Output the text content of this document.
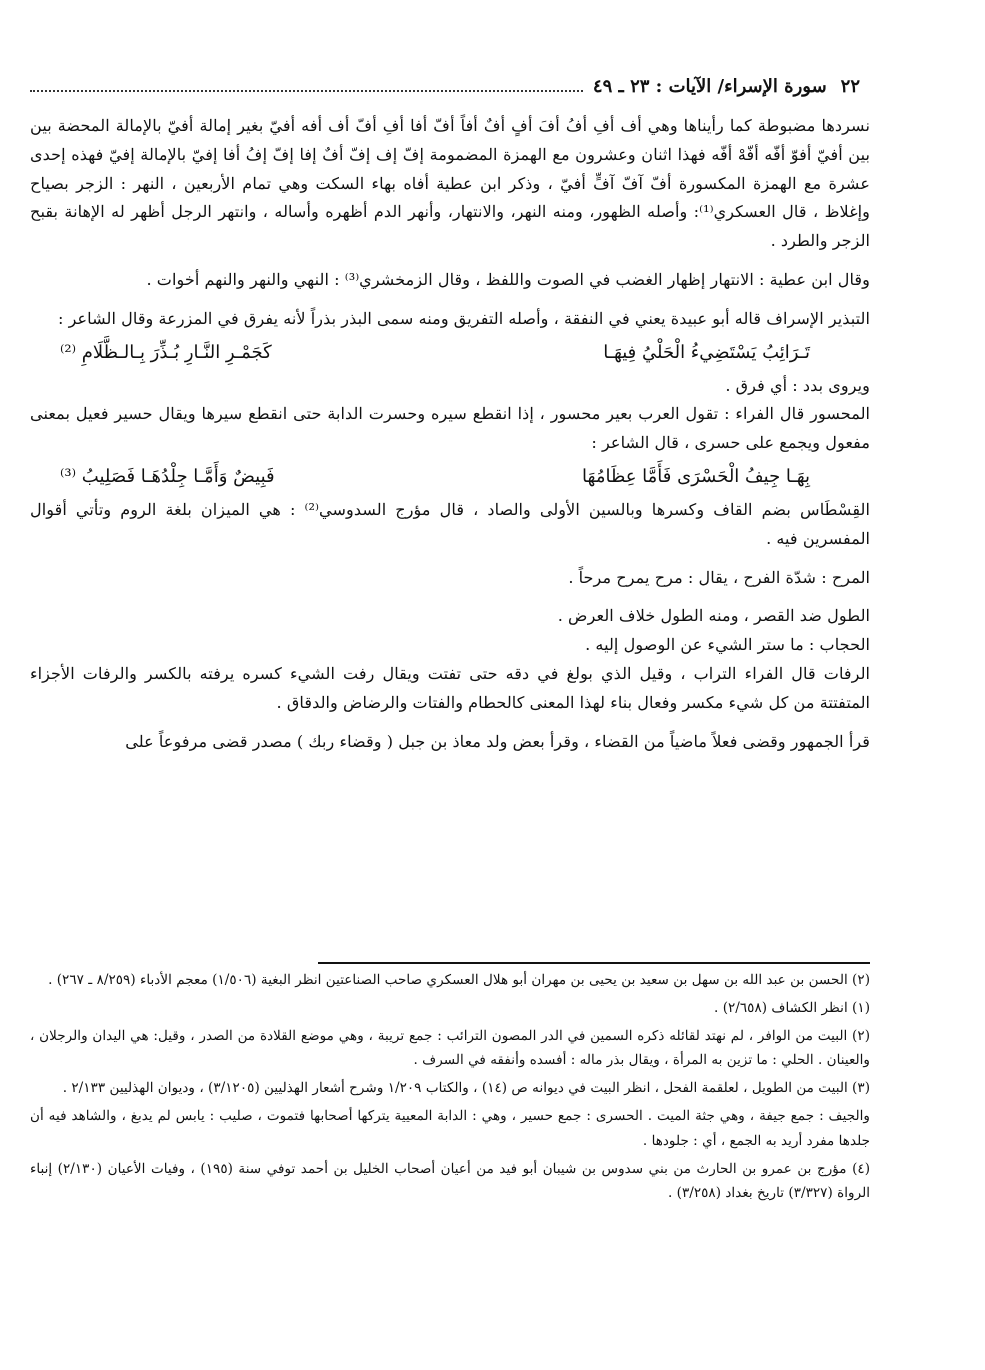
٢٢
سورة الإسراء/ الآيات : ٢٣ ـ ٤٩

نسردها مضبوطة كما رأيناها وهي أف أفِ أفُ أفَ أفٍ أفٌ أفاً أفّ أفا أفِ أفّ أف أفه أفيّ بغير إمالة أفيّ بالإمالة المحضة بين بين أفيّ أفوّ أفّه أفّهْ أفّه فهذا اثنان وعشرون مع الهمزة المضمومة إفّ إف إفّ أفٌ إفا إفّ إفُ أفا إفيّ بالإمالة إفيّ فهذه إحدى عشرة مع الهمزة المكسورة أفّ آفّ آفٍّ أفيّ ، وذكر ابن عطية أفاه بهاء السكت وهي تمام الأربعين ، النهر : الزجر بصياح وإغلاظ ، قال العسكري⁽¹⁾: وأصله الظهور، ومنه النهر، والانتهار، وأنهر الدم أظهره وأساله ، وانتهر الرجل أظهر له الإهانة بقبح الزجر والطرد .

وقال ابن عطية : الانتهار إظهار الغضب في الصوت واللفظ ، وقال الزمخشري⁽³⁾ : النهي والنهر والنهم أخوات .

التبذير الإسراف قاله أبو عبيدة يعني في النفقة ، وأصله التفريق ومنه سمى البذر بذراً لأنه يفرق في المزرعة وقال الشاعر :

تَـرَائِبُ يَسْتَضِيءُ الْحَلْيُ فِيهَـا
كَجَمْـرِ النَّـارِ بُـذِّرَ بِـالـظَّلَامِ ⁽²⁾

ويروى بدد : أي فرق .

المحسور قال الفراء : تقول العرب بعير محسور ، إذا انقطع سيره وحسرت الدابة حتى انقطع سيرها ويقال حسير فعيل بمعنى مفعول ويجمع على حسرى ، قال الشاعر :

بِهَـا جِيفُ الْحَسْرَى فَأَمَّا عِظَامُهَا
فَبِيضٌ وَأَمَّـا جِلْدُهَـا فَصَلِيبُ ⁽³⁾

القِسْطَاس بضم القاف وكسرها وبالسين الأولى والصاد ، قال مؤرج السدوسي⁽²⁾ : هي الميزان بلغة الروم وتأتي أقوال المفسرين فيه .

المرح : شدّة الفرح ، يقال : مرح يمرح مرحاً .

الطول ضد القصر ، ومنه الطول خلاف العرض .

الحجاب : ما ستر الشيء عن الوصول إليه .

الرفات قال الفراء التراب ، وقيل الذي بولغ في دقه حتى تفتت ويقال رفت الشيء كسره يرفته بالكسر والرفات الأجزاء المتفتتة من كل شيء مكسر وفعال بناء لهذا المعنى كالحطام والفتات والرضاض والدقاق .

قرأ الجمهور وقضى فعلاً ماضياً من القضاء ، وقرأ بعض ولد معاذ بن جبل ( وقضاء ربك ) مصدر قضى مرفوعاً على

(٢) الحسن بن عبد الله بن سهل بن سعيد بن يحيى بن مهران أبو هلال العسكري صاحب الصناعتين انظر البغية (١/٥٠٦) معجم الأدباء (٨/٢٥٩ ـ ٢٦٧) .

(١) انظر الكشاف (٢/٦٥٨) .

(٢) البيت من الوافر ، لم نهتد لقائله ذكره السمين في الدر المصون الترائب : جمع تريبة ، وهي موضع القلادة من الصدر ، وقيل: هي اليدان والرجلان ، والعينان . الحلي : ما تزين به المرأة ، ويقال بذر ماله : أفسده وأنفقه في السرف .

(٣) البيت من الطويل ، لعلقمة الفحل ، انظر البيت في ديوانه ص (١٤) ، والكتاب ١/٢٠٩ وشرح أشعار الهذليين (٣/١٢٠٥) ، وديوان الهذليين ٢/١٣٣ .

والجيف : جمع جيفة ، وهي جثة الميت . الحسرى : جمع حسير ، وهي : الدابة المعيية يتركها أصحابها فتموت ، صليب : يابس لم يدبغ ، والشاهد فيه أن جلدها مفرد أريد به الجمع ، أي : جلودها .

(٤) مؤرج بن عمرو بن الحارث من بني سدوس بن شيبان أبو فيد من أعيان أصحاب الخليل بن أحمد توفي سنة (١٩٥) ، وفيات الأعيان (٢/١٣٠) إنباء الرواة (٣/٣٢٧) تاريخ بغداد (٣/٢٥٨) .
